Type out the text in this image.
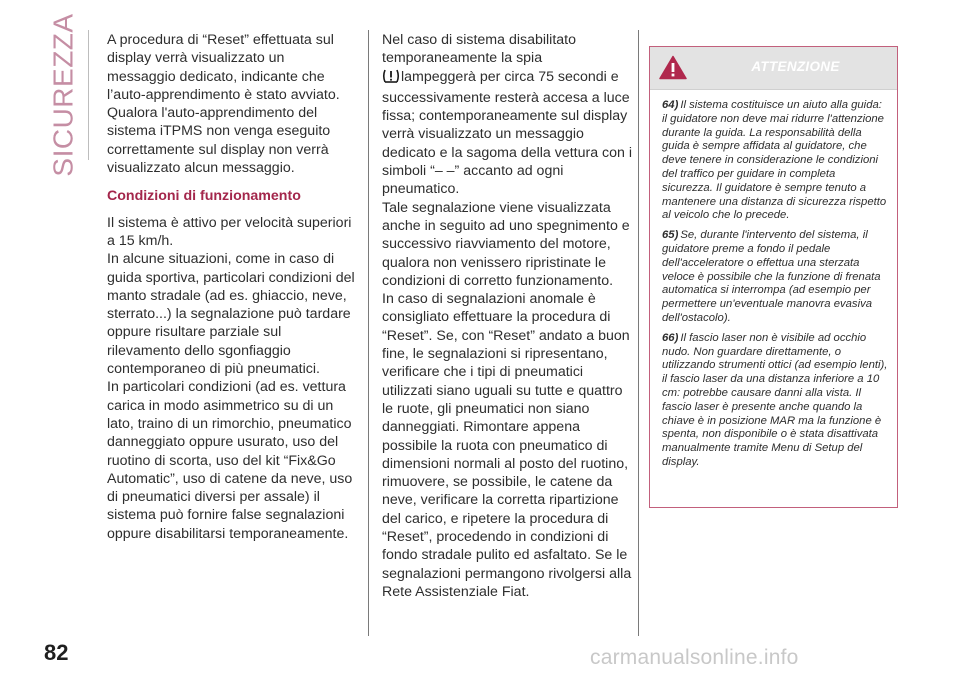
SICUREZZA A procedura di “Reset” effettuata sul display verrà visualizzato un messaggio dedicato, indicante che l’auto-apprendimento è stato avviato. Qualora l'auto-apprendimento del sistema iTPMS non venga eseguito correttamente sul display non verrà visualizzato alcun messaggio.

Condizioni di funzionamento

Il sistema è attivo per velocità superiori a 15 km/h.

In alcune situazioni, come in caso di guida sportiva, particolari condizioni del manto stradale (ad es. ghiaccio, neve, sterrato...) la segnalazione può tardare oppure risultare parziale sul rilevamento dello sgonfiaggio contemporaneo di più pneumatici.

In particolari condizioni (ad es. vettura carica in modo asimmetrico su di un lato, traino di un rimorchio, pneumatico danneggiato oppure usurato, uso del ruotino di scorta, uso del kit “Fix&Go Automatic”, uso di catene da neve, uso di pneumatici diversi per assale) il sistema può fornire false segnalazioni oppure disabilitarsi temporaneamente.

Nel caso di sistema disabilitato temporaneamente la spia
lampeggerà per circa 75 secondi e successivamente resterà accesa a luce fissa; contemporaneamente sul display verrà visualizzato un messaggio dedicato e la sagoma della vettura con i simboli “– –” accanto ad ogni pneumatico.

Tale segnalazione viene visualizzata anche in seguito ad uno spegnimento e successivo riavviamento del motore, qualora non venissero ripristinate le condizioni di corretto funzionamento.

In caso di segnalazioni anomale è consigliato effettuare la procedura di “Reset”. Se, con “Reset” andato a buon fine, le segnalazioni si ripresentano, verificare che i tipi di pneumatici utilizzati siano uguali su tutte e quattro le ruote, gli pneumatici non siano danneggiati. Rimontare appena possibile la ruota con pneumatico di dimensioni normali al posto del ruotino, rimuovere, se possibile, le catene da neve, verificare la corretta ripartizione del carico, e ripetere la procedura di “Reset”, procedendo in condizioni di fondo stradale pulito ed asfaltato. Se le segnalazioni permangono rivolgersi alla Rete Assistenziale Fiat.

ATTENZIONE

64) Il sistema costituisce un aiuto alla guida: il guidatore non deve mai ridurre l'attenzione durante la guida. La responsabilità della guida è sempre affidata al guidatore, che deve tenere in considerazione le condizioni del traffico per guidare in completa sicurezza. Il guidatore è sempre tenuto a mantenere una distanza di sicurezza rispetto al veicolo che lo precede.

65) Se, durante l'intervento del sistema, il guidatore preme a fondo il pedale dell'acceleratore o effettua una sterzata veloce è possibile che la funzione di frenata automatica si interrompa (ad esempio per permettere un'eventuale manovra evasiva dell'ostacolo).

66) Il fascio laser non è visibile ad occhio nudo. Non guardare direttamente, o utilizzando strumenti ottici (ad esempio lenti), il fascio laser da una distanza inferiore a 10 cm: potrebbe causare danni alla vista. Il fascio laser è presente anche quando la chiave è in posizione MAR ma la funzione è spenta, non disponibile o è stata disattivata manualmente tramite Menu di Setup del display.

82	carmanualsonline.info
